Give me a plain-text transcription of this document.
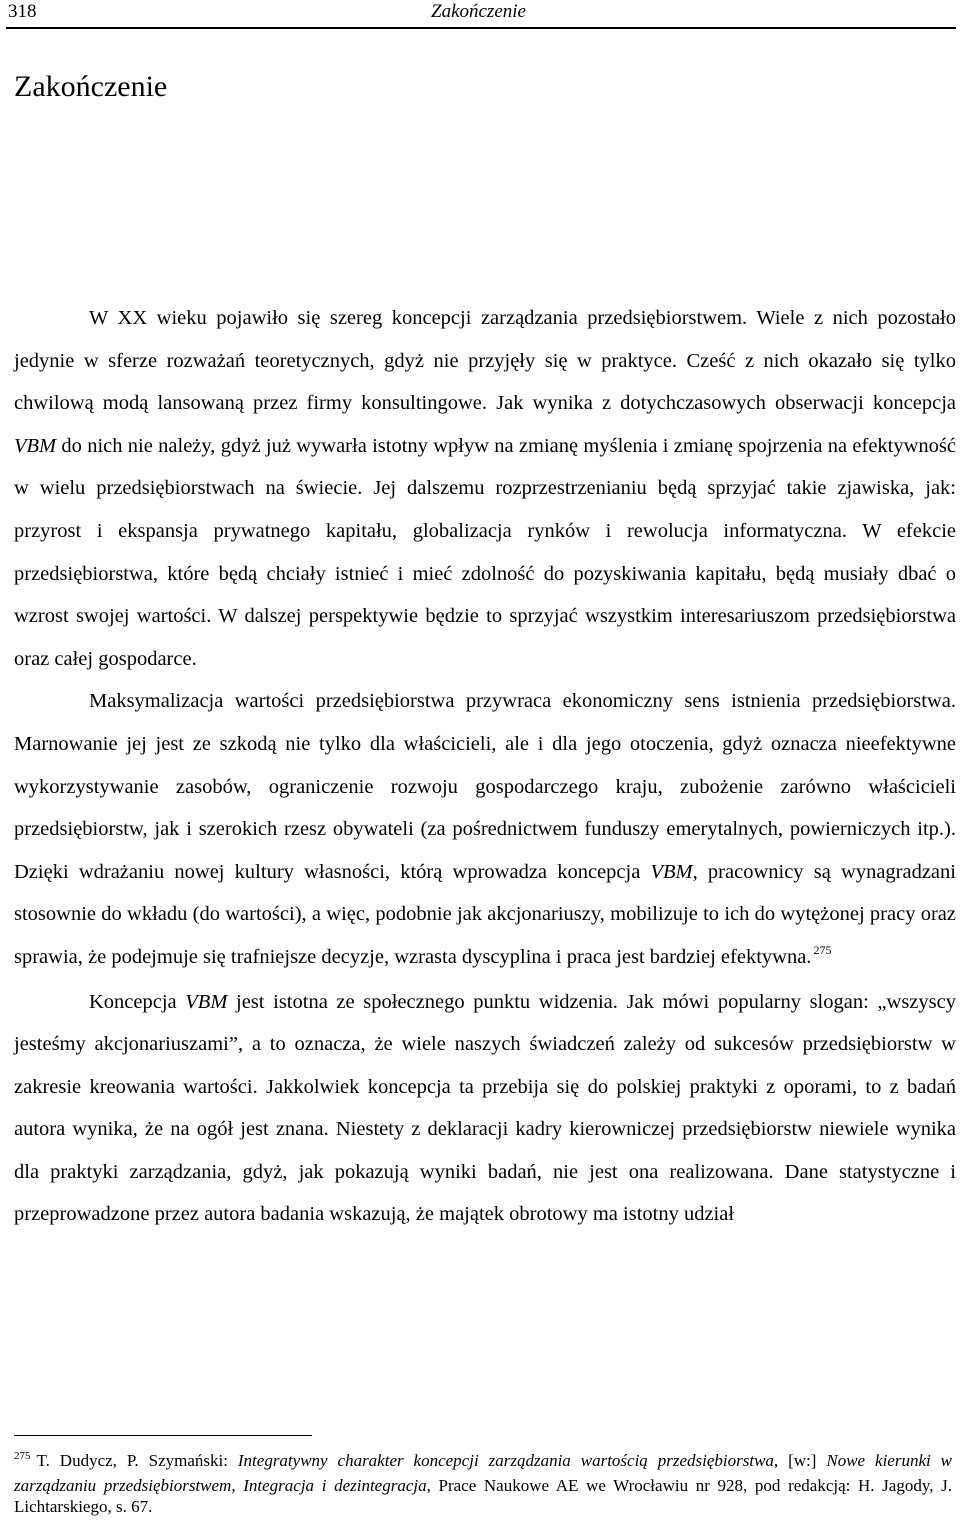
318	Zakończenie
Zakończenie

W XX wieku pojawiło się szereg koncepcji zarządzania przedsiębiorstwem. Wiele z nich pozostało jedynie w sferze rozważań teoretycznych, gdyż nie przyjęły się w praktyce. Cześć z nich okazało się tylko chwilową modą lansowaną przez firmy konsultingowe. Jak wynika z dotychczasowych obserwacji koncepcja VBM do nich nie należy, gdyż już wywarła istotny wpływ na zmianę myślenia i zmianę spojrzenia na efektywność w wielu przedsiębiorstwach na świecie. Jej dalszemu rozprzestrzenianiu będą sprzyjać takie zjawiska, jak: przyrost i ekspansja prywatnego kapitału, globalizacja rynków i rewolucja informatyczna. W efekcie przedsiębiorstwa, które będą chciały istnieć i mieć zdolność do pozyskiwania kapitału, będą musiały dbać o wzrost swojej wartości. W dalszej perspektywie będzie to sprzyjać wszystkim interesariuszom przedsiębiorstwa oraz całej gospodarce.

Maksymalizacja wartości przedsiębiorstwa przywraca ekonomiczny sens istnienia przedsiębiorstwa. Marnowanie jej jest ze szkodą nie tylko dla właścicieli, ale i dla jego otoczenia, gdyż oznacza nieefektywne wykorzystywanie zasobów, ograniczenie rozwoju gospodarczego kraju, zubożenie zarówno właścicieli przedsiębiorstw, jak i szerokich rzesz obywateli (za pośrednictwem funduszy emerytalnych, powierniczych itp.). Dzięki wdrażaniu nowej kultury własności, którą wprowadza koncepcja VBM, pracownicy są wynagradzani stosownie do wkładu (do wartości), a więc, podobnie jak akcjonariuszy, mobilizuje to ich do wytężonej pracy oraz sprawia, że podejmuje się trafniejsze decyzje, wzrasta dyscyplina i praca jest bardziej efektywna. $^{275}$

Koncepcja VBM jest istotna ze społecznego punktu widzenia. Jak mówi popularny slogan: „wszyscy jesteśmy akcjonariuszami”, a to oznacza, że wiele naszych świadczeń zależy od sukcesów przedsiębiorstw w zakresie kreowania wartości. Jakkolwiek koncepcja ta przebija się do polskiej praktyki z oporami, to z badań autora wynika, że na ogół jest znana. Niestety z deklaracji kadry kierowniczej przedsiębiorstw niewiele wynika dla praktyki zarządzania, gdyż, jak pokazują wyniki badań, nie jest ona realizowana. Dane statystyczne i przeprowadzone przez autora badania wskazują, że majątek obrotowy ma istotny udział

$^{275}$ T. Dudycz, P. Szymański: Integratywny charakter koncepcji zarządzania wartością przedsiębiorstwa, [w:] Nowe kierunki w zarządzaniu przedsiębiorstwem, Integracja i dezintegracja, Prace Naukowe AE we Wrocławiu nr 928, pod redakcją: H. Jagody, J. Lichtarskiego, s. 67.
